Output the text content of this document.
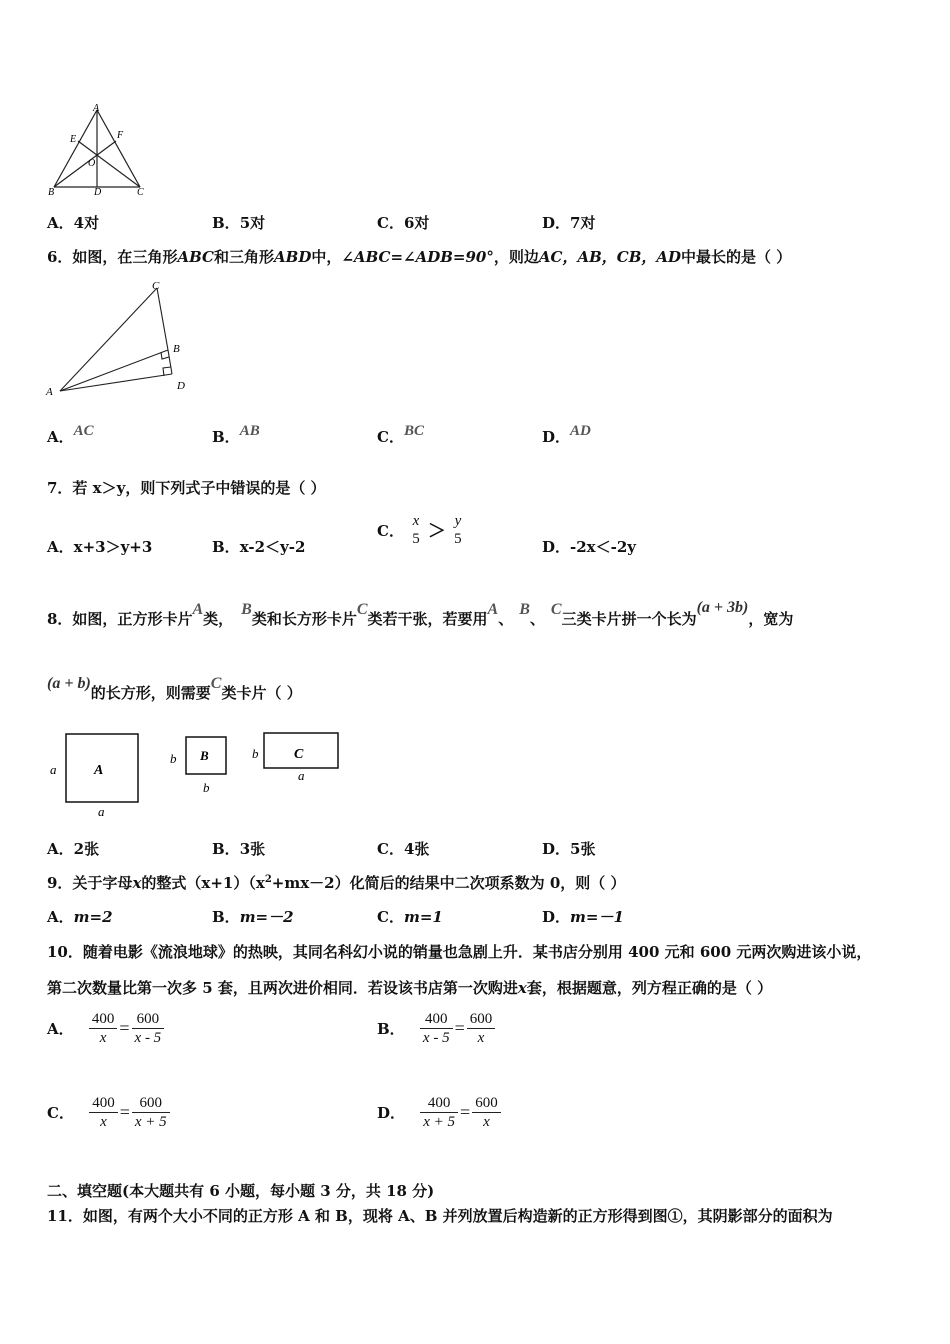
A
E	F
O
B	D	C
A．4对	B．5对	C．6对	D．7对
6．如图，在三角形ABC和三角形ABD中，∠ABC=∠ADB=90°，则边AC，AB，CB，AD中最长的是（ ）
C
B
A	D
A．AC	B．AB	C．BC	D．AD
7．若 x＞y，则下列式子中错误的是（ ）
A．x+3＞y+3	B．x-2＜y-2
C．
x
5 ＞ y
5	D．-2x＜-2y
8．如图，正方形卡片A类，B类和长方形卡片C类若干张，若要用A、B、C三类卡片拼一个长为(a + 3b)，宽为
(a + b)的长方形，则需要C类卡片（ ）
a	A
a
b B
b
b	C
a
A．2张	B．3张	C．4张	D．5张
9．关于字母x的整式$(x+1)(x^2+mx-2)$化简后的结果中二次项系数为 0，则（ ）
A．m=2	B．m=－2	C．m=1	D．m=－1
10．随着电影《流浪地球》的热映，其同名科幻小说的销量也急剧上升．某书店分别用 400 元和 600 元两次购进该小说，
第二次数量比第一次多 5 套，且两次进价相同．若设该书店第一次购进x套，根据题意，列方程正确的是（ ）
A． $\frac{400}{x} = \frac{600}{x - 5}$	B． $\frac{400}{x - 5} = \frac{600}{x}$
C． $\frac{400}{x} = \frac{600}{x + 5}$	D． $\frac{400}{x + 5} = \frac{600}{x}$
二、填空题(本大题共有 6 小题，每小题 3 分，共 18 分)
11．如图，有两个大小不同的正方形 A 和 B，现将 A、B 并列放置后构造新的正方形得到图①，其阴影部分的面积为
